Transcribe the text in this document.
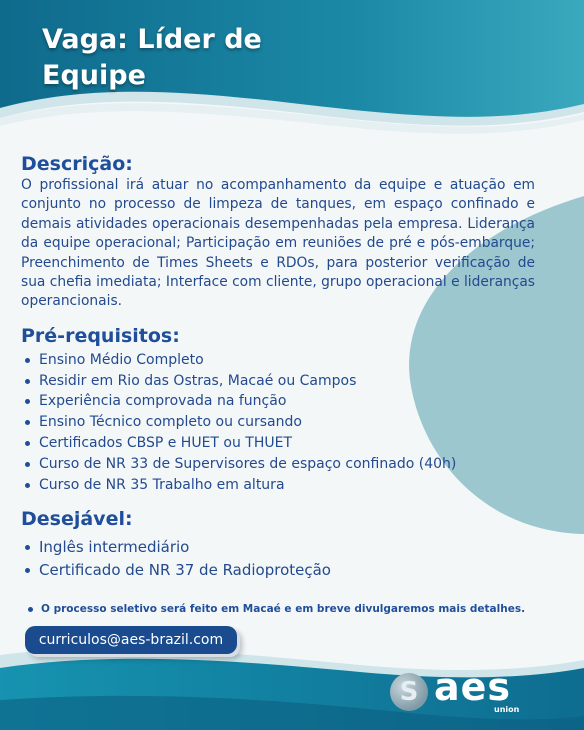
Vaga: Líder de Equipe
Descrição:

O profissional irá atuar no acompanhamento da equipe e atuação em conjunto no processo de limpeza de tanques, em espaço confinado e demais atividades operacionais desempenhadas pela empresa. Liderança da equipe operacional; Participação em reuniões de pré e pós-embarque; Preenchimento de Times Sheets e RDOs, para posterior verificação de sua chefia imediata; Interface com cliente, grupo operacional e lideranças operancionais.

Pré-requisitos:
Ensino Médio Completo
Residir em Rio das Ostras, Macaé ou Campos
Experiência comprovada na função
Ensino Técnico completo ou cursando
Certificados CBSP e HUET ou THUET
Curso de NR 33 de Supervisores de espaço confinado (40h)
Curso de NR 35 Trabalho em altura
Desejável:
Inglês intermediário
Certificado de NR 37 de Radioproteção
O processo seletivo será feito em Macaé e em breve divulgaremos mais detalhes.
curriculos@aes-brazil.com
S
aes
union
